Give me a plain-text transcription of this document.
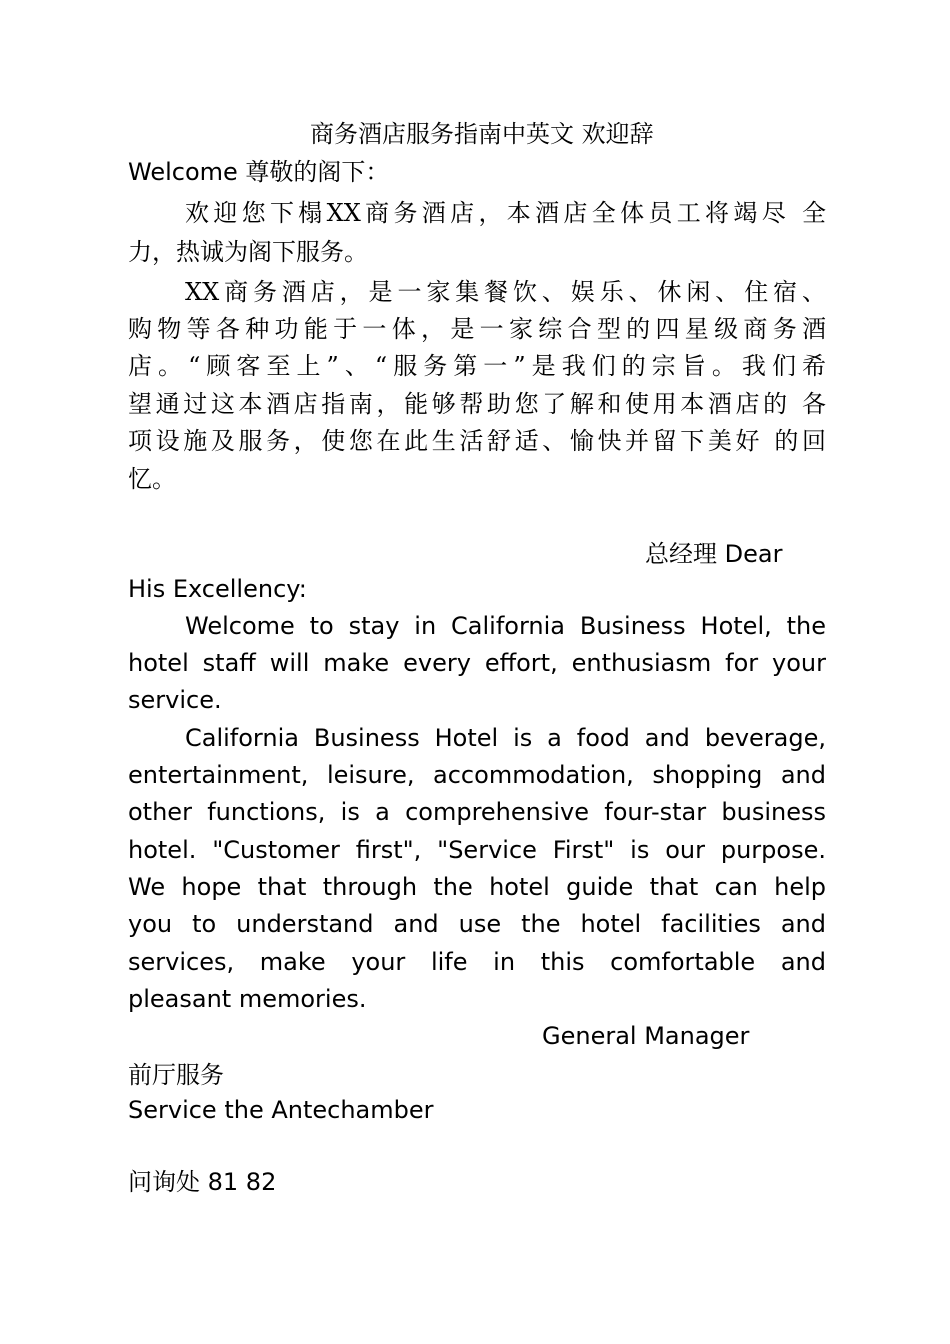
商务酒店服务指南中英文 欢迎辞
Welcome 尊敬的阁下：
欢迎您下榻XX商务酒店，本酒店全体员工将竭尽 全
力，热诚为阁下服务。
XX商务酒店，是一家集餐饮、娱乐、休闲、住宿、
购物等各种功能于一体，是一家综合型的四星级商务酒
店。“顾客至上”、“服务第一”是我们的宗旨。我们希
望通过这本酒店指南，能够帮助您了解和使用本酒店的 各
项设施及服务，使您在此生活舒适、愉快并留下美好 的回
忆。
总经理 Dear
His Excellency:
Welcome to stay in California Business Hotel, the
hotel staff will make every effort, enthusiasm for your
service.
California Business Hotel is a food and beverage,
entertainment, leisure, accommodation, shopping and
other functions, is a comprehensive four-star business
hotel. "Customer first", "Service First" is our purpose.
We hope that through the hotel guide that can help
you to understand and use the hotel facilities and
services, make your life in this comfortable and
pleasant memories.
General Manager
前厅服务
Service the Antechamber
问询处 81 82
